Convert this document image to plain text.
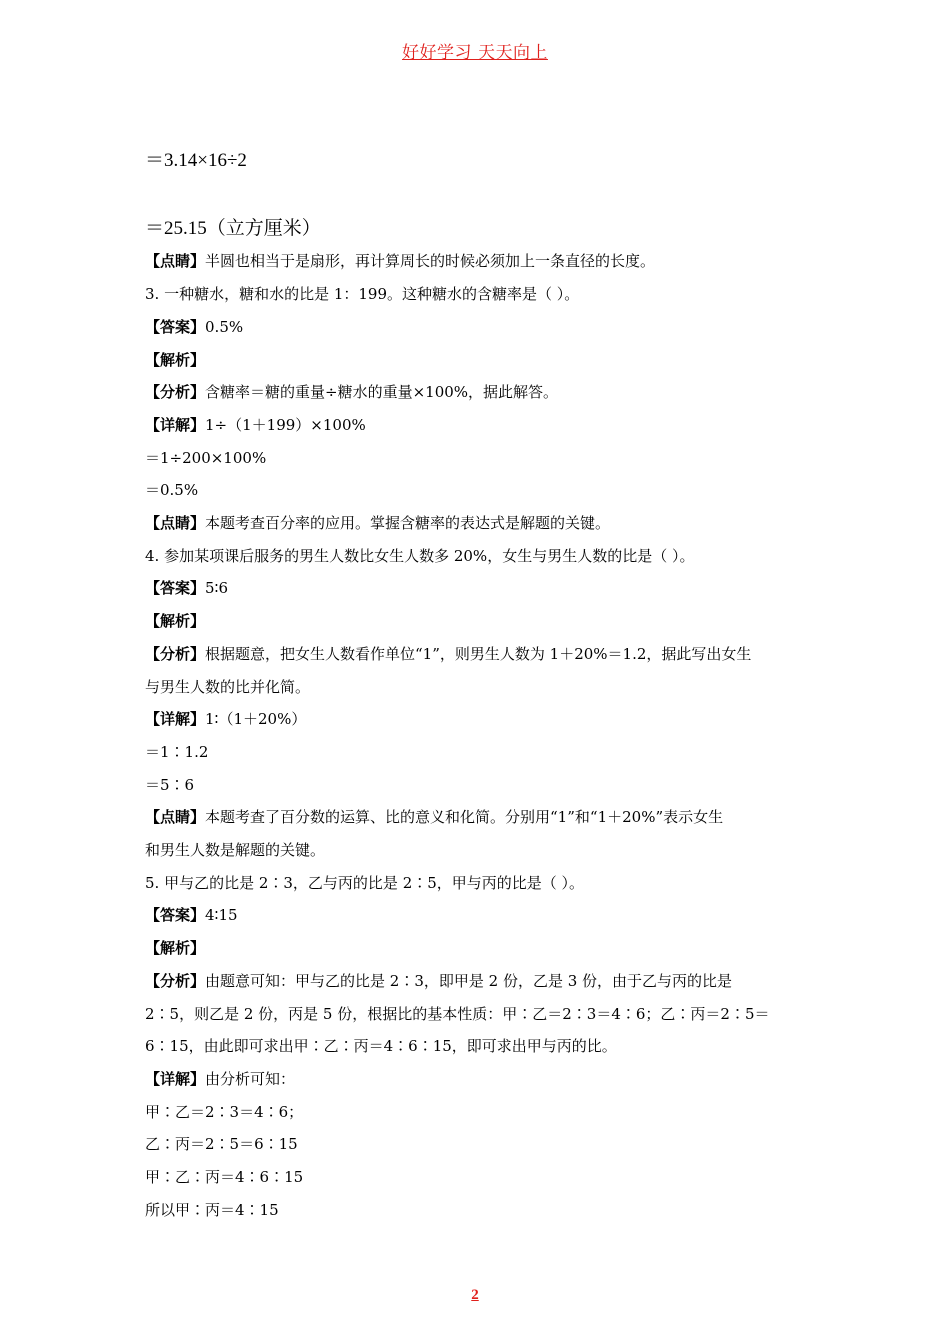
好好学习 天天向上
＝3.14×16÷2
＝25.15（立方厘米）
【点睛】半圆也相当于是扇形，再计算周长的时候必须加上一条直径的长度。
3. 一种糖水，糖和水的比是 1：199。这种糖水的含糖率是（ ）。
【答案】0.5%
【解析】
【分析】含糖率＝糖的重量÷糖水的重量×100%，据此解答。
【详解】1÷（1＋199）×100%
＝1÷200×100%
＝0.5%
【点睛】本题考查百分率的应用。掌握含糖率的表达式是解题的关键。
4. 参加某项课后服务的男生人数比女生人数多 20%，女生与男生人数的比是（ ）。
【答案】5∶6
【解析】
【分析】根据题意，把女生人数看作单位“1”，则男生人数为 1＋20%＝1.2，据此写出女生
与男生人数的比并化简。
【详解】1∶（1＋20%）
＝1∶1.2
＝5∶6
【点睛】本题考查了百分数的运算、比的意义和化简。分别用“1”和“1＋20%”表示女生
和男生人数是解题的关键。
5. 甲与乙的比是 2∶3，乙与丙的比是 2∶5，甲与丙的比是（ ）。
【答案】4∶15
【解析】
【分析】由题意可知：甲与乙的比是 2∶3，即甲是 2 份，乙是 3 份，由于乙与丙的比是
2∶5，则乙是 2 份，丙是 5 份，根据比的基本性质：甲∶乙＝2∶3＝4∶6；乙∶丙＝2∶5＝
6∶15，由此即可求出甲∶乙∶丙＝4∶6∶15，即可求出甲与丙的比。
【详解】由分析可知：
甲∶乙＝2∶3＝4∶6；
乙∶丙＝2∶5＝6∶15
甲∶乙∶丙＝4∶6∶15
所以甲∶丙＝4∶15
2
